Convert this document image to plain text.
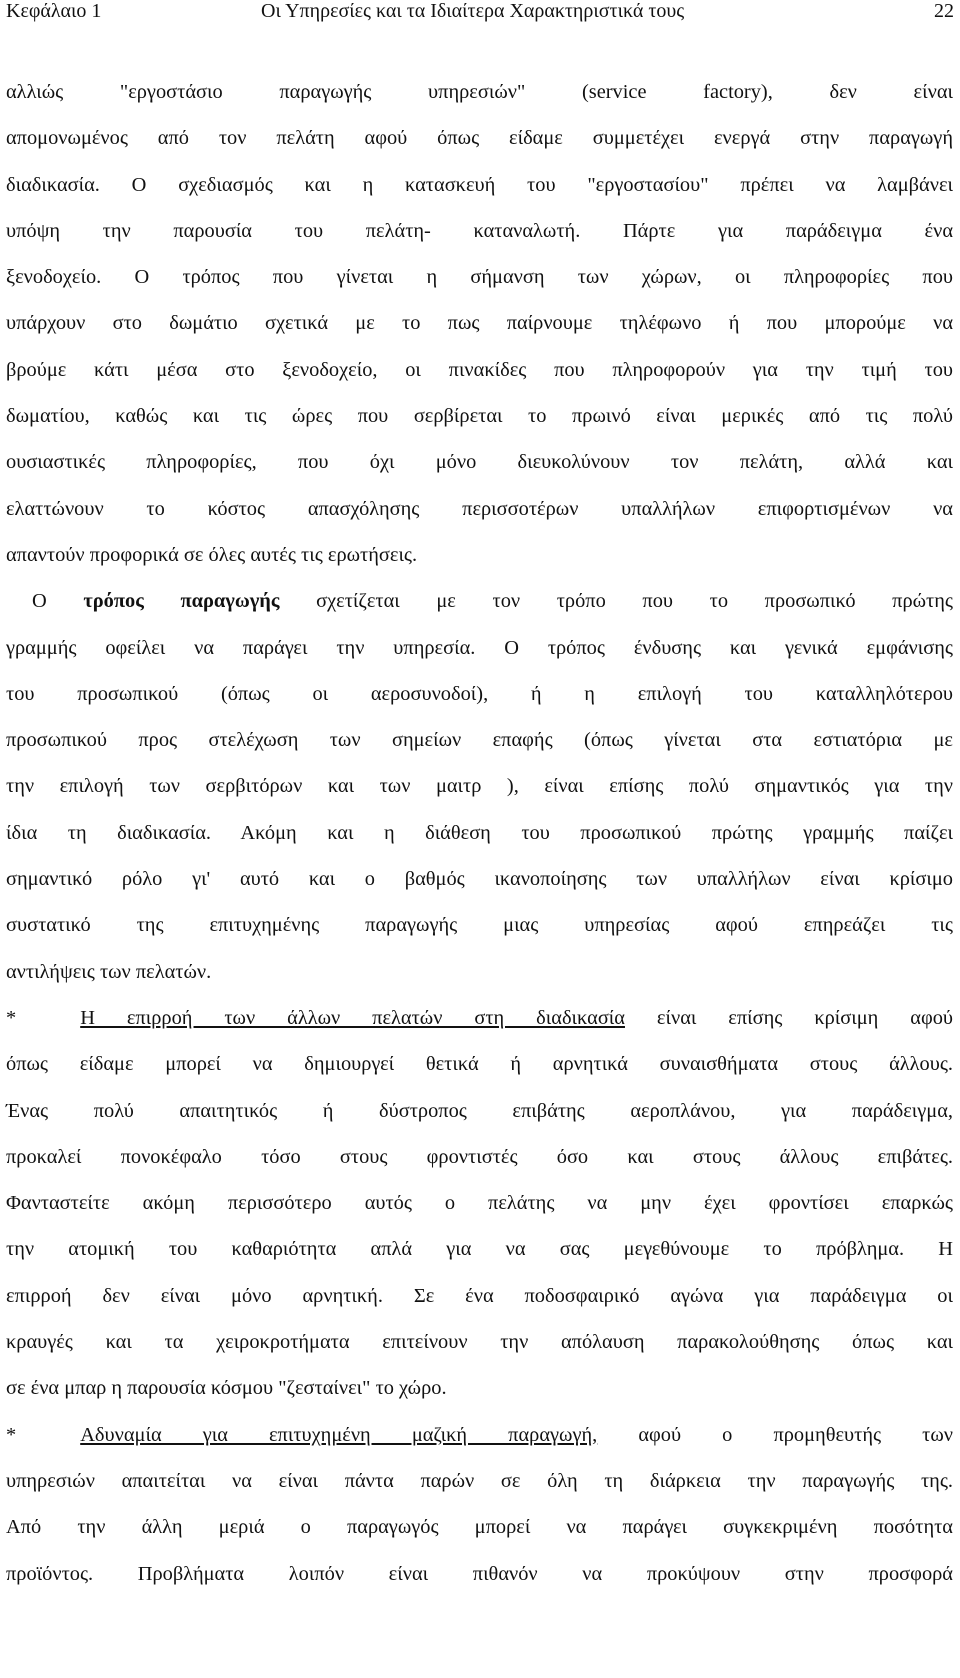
Κεφάλαιο 1	Οι Υπηρεσίες και τα Ιδιαίτερα Χαρακτηριστικά τους	22
αλλιώς "εργοστάσιο παραγωγής υπηρεσιών" (service factory), δεν είναι
απομονωμένος από τον πελάτη αφού όπως είδαμε συμμετέχει ενεργά στην παραγωγή
διαδικασία. Ο σχεδιασμός και η κατασκευή του "εργοστασίου" πρέπει να λαμβάνει
υπόψη την παρουσία του πελάτη- καταναλωτή. Πάρτε για παράδειγμα ένα
ξενοδοχείο. Ο τρόπος που γίνεται η σήμανση των χώρων, οι πληροφορίες που
υπάρχουν στο δωμάτιο σχετικά με το πως παίρνουμε τηλέφωνο ή που μπορούμε να
βρούμε κάτι μέσα στο ξενοδοχείο, οι πινακίδες που πληροφορούν για την τιμή του
δωματίου, καθώς και τις ώρες που σερβίρεται το πρωινό είναι μερικές από τις πολύ
ουσιαστικές πληροφορίες, που όχι μόνο διευκολύνουν τον πελάτη, αλλά και
ελαττώνουν το κόστος απασχόλησης περισσοτέρων υπαλλήλων επιφορτισμένων να
απαντούν προφορικά σε όλες αυτές τις ερωτήσεις.
Ο τρόπος παραγωγής σχετίζεται με τον τρόπο που το προσωπικό πρώτης
γραμμής οφείλει να παράγει την υπηρεσία. Ο τρόπος ένδυσης και γενικά εμφάνισης
του προσωπικού (όπως οι αεροσυνοδοί), ή η επιλογή του καταλληλότερου
προσωπικού προς στελέχωση των σημείων επαφής (όπως γίνεται στα εστιατόρια με
την επιλογή των σερβιτόρων και των μαιτρ ), είναι επίσης πολύ σημαντικός για την
ίδια τη διαδικασία. Ακόμη και η διάθεση του προσωπικού πρώτης γραμμής παίζει
σημαντικό ρόλο γι' αυτό και ο βαθμός ικανοποίησης των υπαλλήλων είναι κρίσιμο
συστατικό της επιτυχημένης παραγωγής μιας υπηρεσίας αφού επηρεάζει τις
αντιλήψεις των πελατών.
*	Η επιρροή των άλλων πελατών στη διαδικασία είναι επίσης κρίσιμη αφού
όπως είδαμε μπορεί να δημιουργεί θετικά ή αρνητικά συναισθήματα στους άλλους.
Ένας πολύ απαιτητικός ή δύστροπος επιβάτης αεροπλάνου, για παράδειγμα,
προκαλεί πονοκέφαλο τόσο στους φροντιστές όσο και στους άλλους επιβάτες.
Φανταστείτε ακόμη περισσότερο αυτός ο πελάτης να μην έχει φροντίσει επαρκώς
την ατομική του καθαριότητα απλά για να σας μεγεθύνουμε το πρόβλημα. Η
επιρροή δεν είναι μόνο αρνητική. Σε ένα ποδοσφαιρικό αγώνα για παράδειγμα οι
κραυγές και τα χειροκροτήματα επιτείνουν την απόλαυση παρακολούθησης όπως και
σε ένα μπαρ η παρουσία κόσμου "ζεσταίνει" το χώρο.
*	Αδυναμία για επιτυχημένη μαζική παραγωγή, αφού ο προμηθευτής των
υπηρεσιών απαιτείται να είναι πάντα παρών σε όλη τη διάρκεια την παραγωγής της.
Από την άλλη μεριά ο παραγωγός μπορεί να παράγει συγκεκριμένη ποσότητα
προϊόντος. Προβλήματα λοιπόν είναι πιθανόν να προκύψουν στην προσφορά
